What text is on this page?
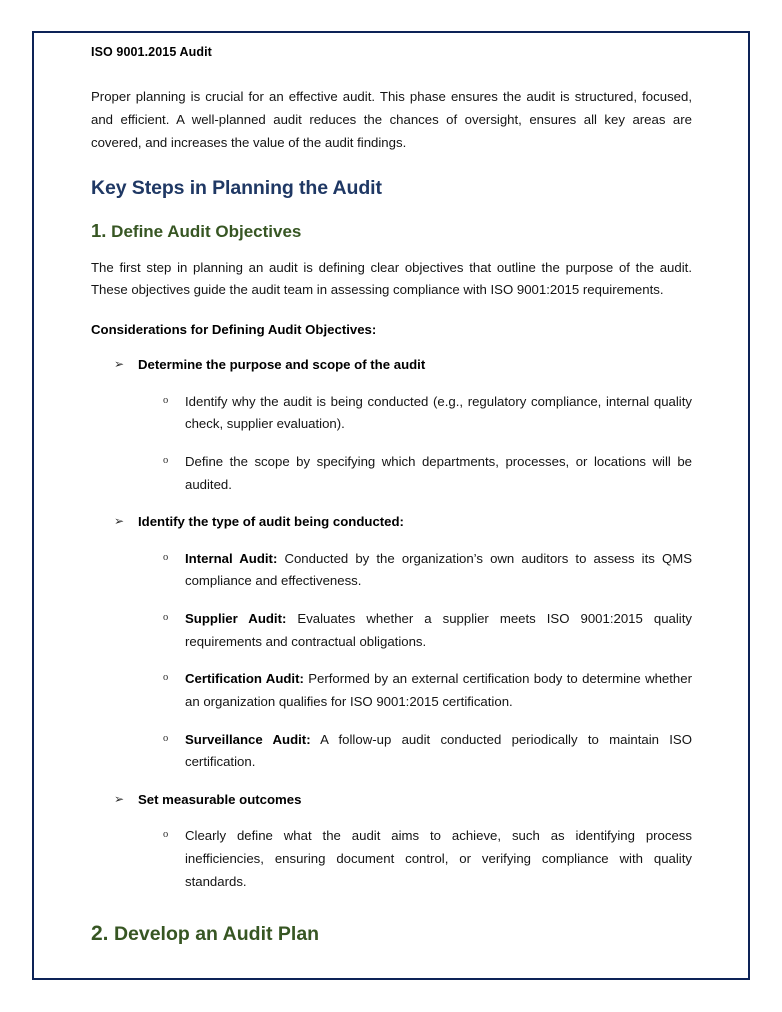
ISO 9001.2015 Audit

Proper planning is crucial for an effective audit. This phase ensures the audit is structured, focused, and efficient. A well-planned audit reduces the chances of oversight, ensures all key areas are covered, and increases the value of the audit findings.

Key Steps in Planning the Audit
1. Define Audit Objectives

The first step in planning an audit is defining clear objectives that outline the purpose of the audit. These objectives guide the audit team in assessing compliance with ISO 9001:2015 requirements.

Considerations for Defining Audit Objectives:
➢ Determine the purpose and scope of the audit
o Identify why the audit is being conducted (e.g., regulatory compliance, internal quality check, supplier evaluation).
o Define the scope by specifying which departments, processes, or locations will be audited.
➢ Identify the type of audit being conducted:
o Internal Audit: Conducted by the organization’s own auditors to assess its QMS compliance and effectiveness.
o Supplier Audit: Evaluates whether a supplier meets ISO 9001:2015 quality requirements and contractual obligations.
o Certification Audit: Performed by an external certification body to determine whether an organization qualifies for ISO 9001:2015 certification.
o Surveillance Audit: A follow-up audit conducted periodically to maintain ISO certification.
➢ Set measurable outcomes
o Clearly define what the audit aims to achieve, such as identifying process inefficiencies, ensuring document control, or verifying compliance with quality standards.
2. Develop an Audit Plan
